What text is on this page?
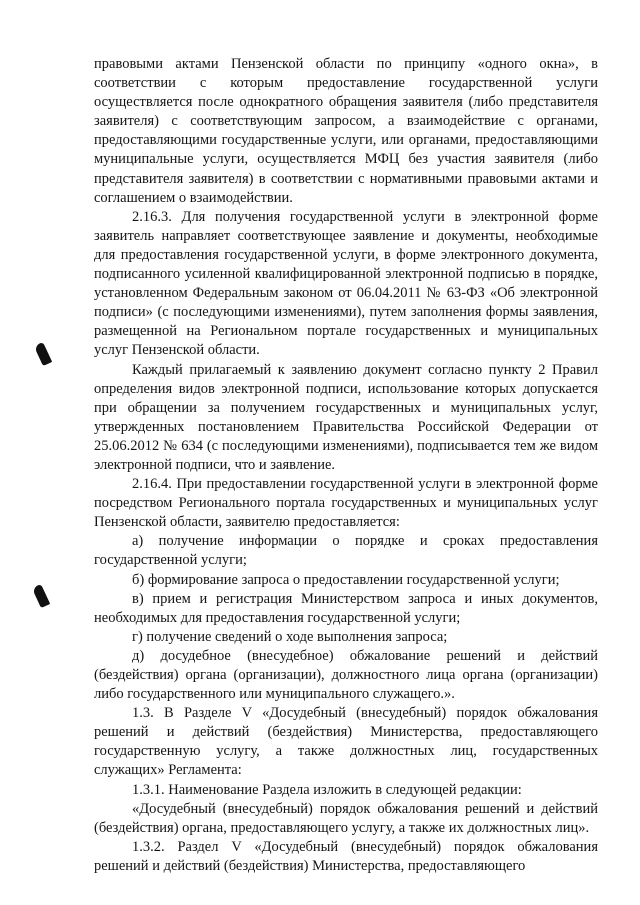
правовыми актами Пензенской области по принципу «одного окна», в соответствии с которым предоставление государственной услуги осуществляется после однократного обращения заявителя (либо представителя заявителя) с соответствующим запросом, а взаимодействие с органами, предоставляющими государственные услуги, или органами, предоставляющими муниципальные услуги, осуществляется МФЦ без участия заявителя (либо представителя заявителя) в соответствии с нормативными правовыми актами и соглашением о взаимодействии.

2.16.3. Для получения государственной услуги в электронной форме заявитель направляет соответствующее заявление и документы, необходимые для предоставления государственной услуги, в форме электронного документа, подписанного усиленной квалифицированной электронной подписью в порядке, установленном Федеральным законом от 06.04.2011 № 63-ФЗ «Об электронной подписи» (с последующими изменениями), путем заполнения формы заявления, размещенной на Региональном портале государственных и муниципальных услуг Пензенской области.

Каждый прилагаемый к заявлению документ согласно пункту 2 Правил определения видов электронной подписи, использование которых допускается при обращении за получением государственных и муниципальных услуг, утвержденных постановлением Правительства Российской Федерации от 25.06.2012 № 634 (с последующими изменениями), подписывается тем же видом электронной подписи, что и заявление.

2.16.4. При предоставлении государственной услуги в электронной форме посредством Регионального портала государственных и муниципальных услуг Пензенской области, заявителю предоставляется:

а) получение информации о порядке и сроках предоставления государственной услуги;

б) формирование запроса о предоставлении государственной услуги;

в) прием и регистрация Министерством запроса и иных документов, необходимых для предоставления государственной услуги;

г) получение сведений о ходе выполнения запроса;

д) досудебное (внесудебное) обжалование решений и действий (бездействия) органа (организации), должностного лица органа (организации) либо государственного или муниципального служащего.».

1.3. В Разделе V «Досудебный (внесудебный) порядок обжалования решений и действий (бездействия) Министерства, предоставляющего государственную услугу, а также должностных лиц, государственных служащих» Регламента:

1.3.1. Наименование Раздела изложить в следующей редакции:

«Досудебный (внесудебный) порядок обжалования решений и действий (бездействия) органа, предоставляющего услугу, а также их должностных лиц».

1.3.2. Раздел V «Досудебный (внесудебный) порядок обжалования решений и действий (бездействия) Министерства, предоставляющего
